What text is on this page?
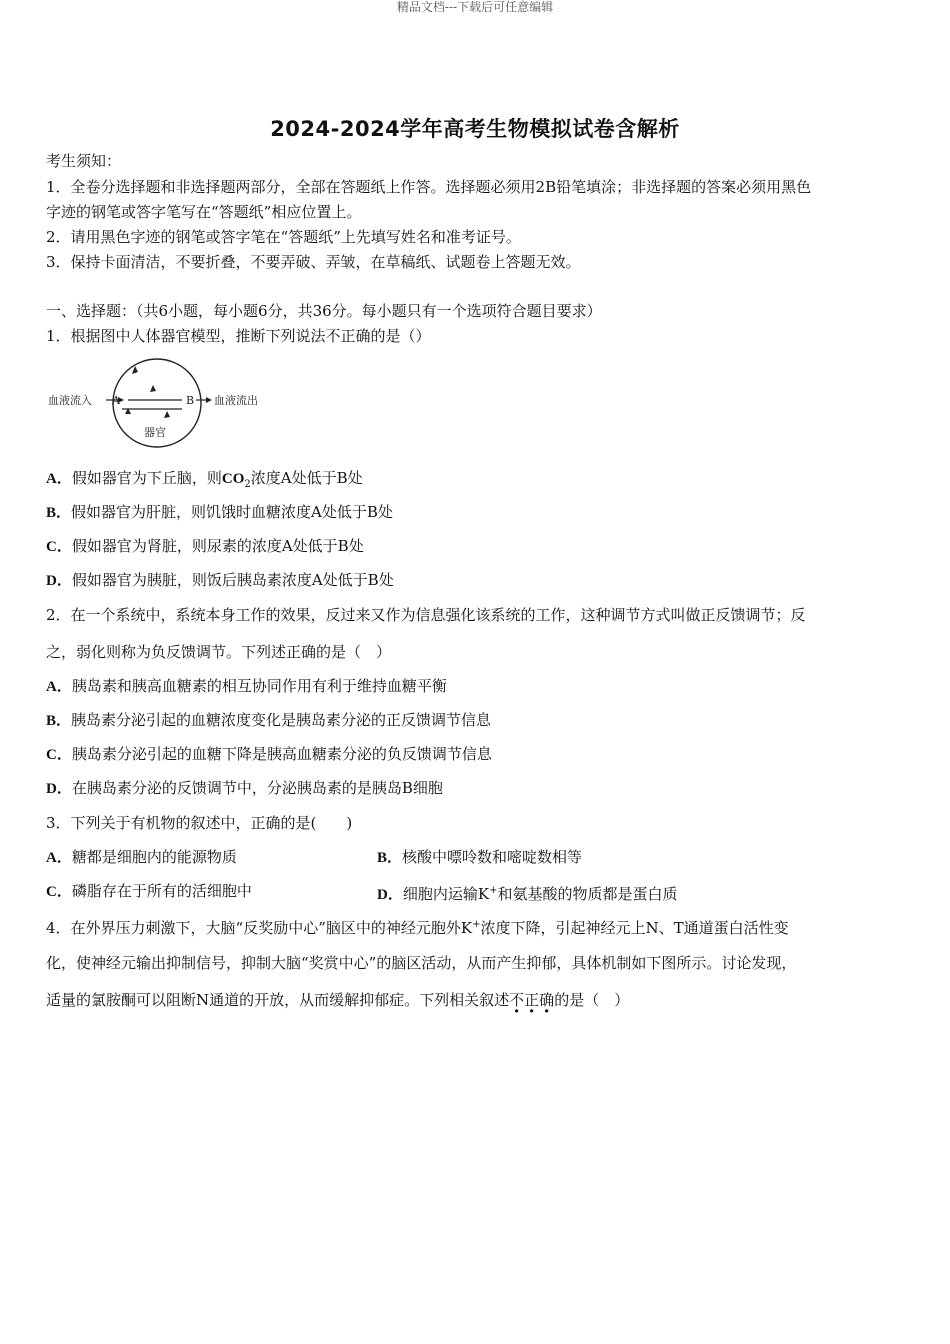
精品文档---下载后可任意编辑
2024-2024学年高考生物模拟试卷含解析
考生须知：
1．全卷分选择题和非选择题两部分，全部在答题纸上作答。选择题必须用2B铅笔填涂；非选择题的答案必须用黑色
字迹的钢笔或答字笔写在“答题纸”相应位置上。
2．请用黑色字迹的钢笔或答字笔在“答题纸”上先填写姓名和准考证号。
3．保持卡面清洁，不要折叠，不要弄破、弄皱，在草稿纸、试题卷上答题无效。
一、选择题：（共6小题，每小题6分，共36分。每小题只有一个选项符合题目要求）
1．根据图中人体器官模型，推断下列说法不正确的是（）
血液流入 A	B 血液流出
器官
A．假如器官为下丘脑，则$CO_2$浓度A处低于B处
B．假如器官为肝脏，则饥饿时血糖浓度A处低于B处
C．假如器官为肾脏，则尿素的浓度A处低于B处
D．假如器官为胰脏，则饭后胰岛素浓度A处低于B处
2．在一个系统中，系统本身工作的效果，反过来又作为信息强化该系统的工作，这种调节方式叫做正反馈调节；反
之，弱化则称为负反馈调节。下列述正确的是（　）
A．胰岛素和胰高血糖素的相互协同作用有利于维持血糖平衡
B．胰岛素分泌引起的血糖浓度变化是胰岛素分泌的正反馈调节信息
C．胰岛素分泌引起的血糖下降是胰高血糖素分泌的负反馈调节信息
D．在胰岛素分泌的反馈调节中，分泌胰岛素的是胰岛B细胞
3．下列关于有机物的叙述中，正确的是(　　)
A．糖都是细胞内的能源物质	B．核酸中嘌呤数和嘧啶数相等
C．磷脂存在于所有的活细胞中	D．细胞内运输K+和氨基酸的物质都是蛋白质
4．在外界压力刺激下，大脑“反奖励中心”脑区中的神经元胞外K+浓度下降，引起神经元上N、T通道蛋白活性变
化，使神经元输出抑制信号，抑制大脑“奖赏中心”的脑区活动，从而产生抑郁，具体机制如下图所示。讨论发现，
适量的氯胺酮可以阻断N通道的开放，从而缓解抑郁症。下列相关叙述不正确的是（　）
